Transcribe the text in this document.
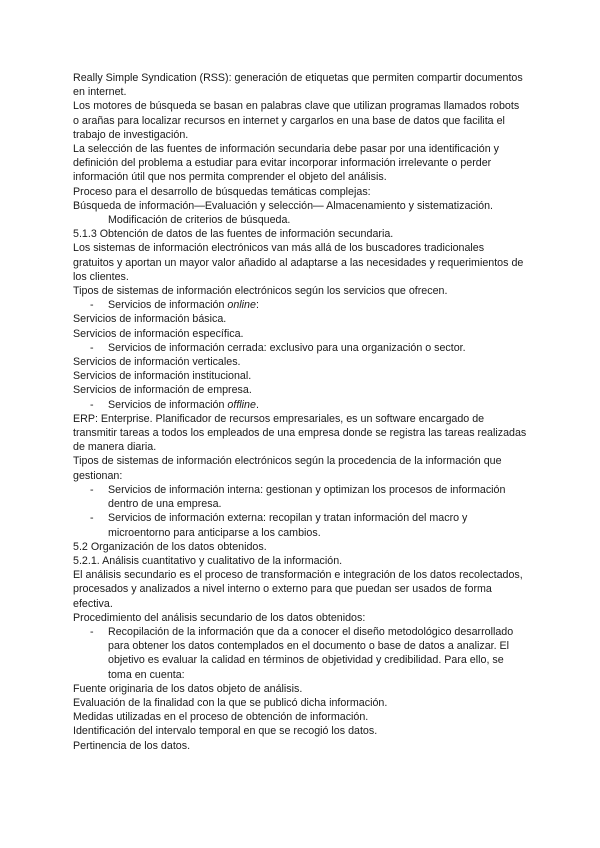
Really Simple Syndication (RSS): generación de etiquetas que permiten compartir documentos en internet.

Los motores de búsqueda se basan en palabras clave que utilizan programas llamados robots o arañas para localizar recursos en internet y cargarlos en una base de datos que facilita el trabajo de investigación.

La selección de las fuentes de información secundaria debe pasar por una identificación y definición del problema a estudiar para evitar incorporar información irrelevante o perder información útil que nos permita comprender el objeto del análisis.

Proceso para el desarrollo de búsquedas temáticas complejas:

Búsqueda de información—Evaluación y selección— Almacenamiento y sistematización.

Modificación de criterios de búsqueda.

5.1.3 Obtención de datos de las fuentes de información secundaria.

Los sistemas de información electrónicos van más allá de los buscadores tradicionales gratuitos y aportan un mayor valor añadido al adaptarse a las necesidades y requerimientos de los clientes.

Tipos de sistemas de información electrónicos según los servicios que ofrecen.

- Servicios de información online:

Servicios de información básica.

Servicios de información específica.

- Servicios de información cerrada: exclusivo para una organización o sector.

Servicios de información verticales.

Servicios de información institucional.

Servicios de información de empresa.

- Servicios de información offline.

ERP: Enterprise. Planificador de recursos empresariales, es un software encargado de transmitir tareas a todos los empleados de una empresa donde se registra las tareas realizadas de manera diaria.

Tipos de sistemas de información electrónicos según la procedencia de la información que gestionan:

- Servicios de información interna: gestionan y optimizan los procesos de información dentro de una empresa.
- Servicios de información externa: recopilan y tratan información del macro y microentorno para anticiparse a los cambios.

5.2 Organización de los datos obtenidos.

5.2.1. Análisis cuantitativo y cualitativo de la información.

El análisis secundario es el proceso de transformación e integración de los datos recolectados, procesados y analizados a nivel interno o externo para que puedan ser usados de forma efectiva.

Procedimiento del análisis secundario de los datos obtenidos:

- Recopilación de la información que da a conocer el diseño metodológico desarrollado para obtener los datos contemplados en el documento o base de datos a analizar. El objetivo es evaluar la calidad en términos de objetividad y credibilidad. Para ello, se toma en cuenta:

Fuente originaria de los datos objeto de análisis.

Evaluación de la finalidad con la que se publicó dicha información.

Medidas utilizadas en el proceso de obtención de información.

Identificación del intervalo temporal en que se recogió los datos.

Pertinencia de los datos.
